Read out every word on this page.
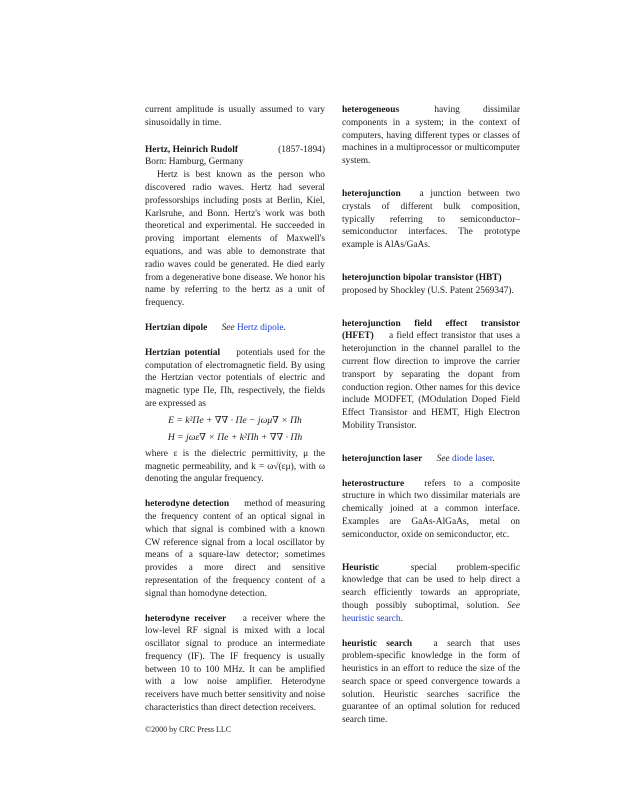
current amplitude is usually assumed to vary sinusoidally in time.
Hertz, Heinrich Rudolf	(1857-1894)
Born: Hamburg, Germany
Hertz is best known as the person who discovered radio waves. Hertz had several professorships including posts at Berlin, Kiel, Karlsruhe, and Bonn. Hertz's work was both theoretical and experimental. He succeeded in proving important elements of Maxwell's equations, and was able to demonstrate that radio waves could be generated. He died early from a degenerative bone disease. We honor his name by referring to the hertz as a unit of frequency.
Hertzian dipole See Hertz dipole.
Hertzian potential potentials used for the computation of electromagnetic field. By using the Hertzian vector potentials of electric and magnetic type Πe, Πh, respectively, the fields are expressed as
E = k²Πe + ∇∇ · Πe − jωμ∇ × Πh
H = jωε∇ × Πe + k²Πh + ∇∇ · Πh
where ε is the dielectric permittivity, μ the magnetic permeability, and k = ω√(εμ), with ω denoting the angular frequency.
heterodyne detection method of measuring the frequency content of an optical signal in which that signal is combined with a known CW reference signal from a local oscillator by means of a square-law detector; sometimes provides a more direct and sensitive representation of the frequency content of a signal than homodyne detection.
heterodyne receiver a receiver where the low-level RF signal is mixed with a local oscillator signal to produce an intermediate frequency (IF). The IF frequency is usually between 10 to 100 MHz. It can be amplified with a low noise amplifier. Heterodyne receivers have much better sensitivity and noise characteristics than direct detection receivers.
heterogeneous	having dissimilar components in a system; in the context of computers, having different types or classes of machines in a multiprocessor or multicomputer system.
heterojunction a junction between two crystals of different bulk composition, typically referring to semiconductor–semiconductor interfaces. The prototype example is AlAs/GaAs.
heterojunction bipolar transistor (HBT)
proposed by Shockley (U.S. Patent 2569347).
heterojunction field effect transistor (HFET) a field effect transistor that uses a heterojunction in the channel parallel to the current flow direction to improve the carrier transport by separating the dopant from conduction region. Other names for this device include MODFET, (MOdulation Doped Field Effect Transistor and HEMT, High Electron Mobility Transistor.
heterojunction laser See diode laser.
heterostructure refers to a composite structure in which two dissimilar materials are chemically joined at a common interface. Examples are GaAs-AlGaAs, metal on semiconductor, oxide on semiconductor, etc.
Heuristic	special problem-specific knowledge that can be used to help direct a search efficiently towards an appropriate, though possibly suboptimal, solution. See heuristic search.
heuristic search a search that uses problem-specific knowledge in the form of heuristics in an effort to reduce the size of the search space or speed convergence towards a solution. Heuristic searches sacrifice the guarantee of an optimal solution for reduced search time.
©2000 by CRC Press LLC
